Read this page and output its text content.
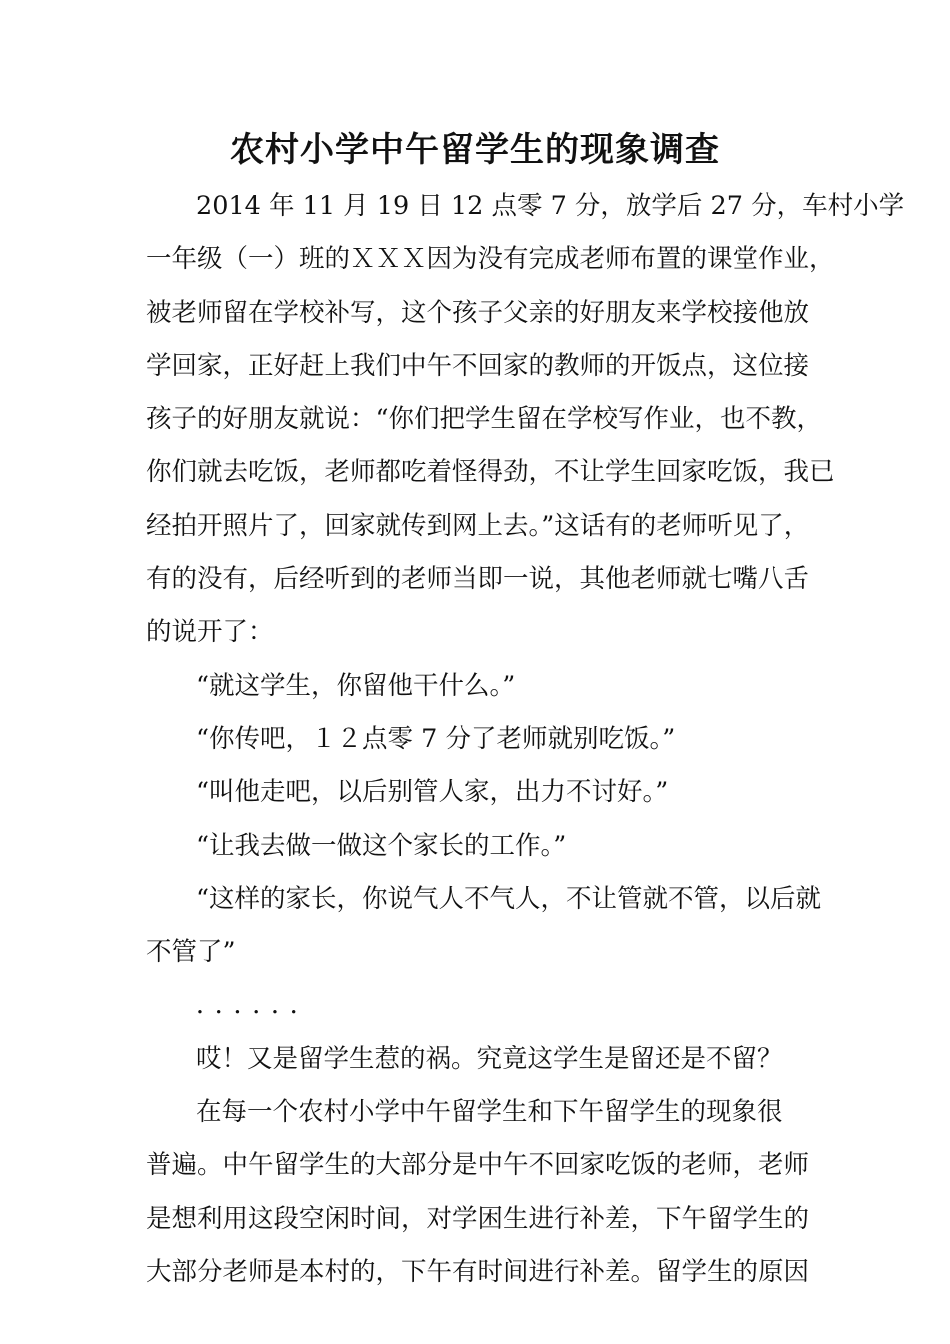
农村小学中午留学生的现象调查
2014 年 11 月 19 日 12 点零 7 分，放学后 27 分，车村小学
一年级（一）班的ＸＸＸ因为没有完成老师布置的课堂作业，
被老师留在学校补写，这个孩子父亲的好朋友来学校接他放
学回家，正好赶上我们中午不回家的教师的开饭点，这位接
孩子的好朋友就说：“你们把学生留在学校写作业，也不教，
你们就去吃饭，老师都吃着怪得劲，不让学生回家吃饭，我已
经拍开照片了，回家就传到网上去。”这话有的老师听见了，
有的没有，后经听到的老师当即一说，其他老师就七嘴八舌
的说开了：
“就这学生，你留他干什么。”
“你传吧，１２点零 7 分了老师就别吃饭。”
“叫他走吧，以后别管人家，出力不讨好。”
“让我去做一做这个家长的工作。”
“这样的家长，你说气人不气人，不让管就不管，以后就
不管了”
．．．．．．
哎！又是留学生惹的祸。究竟这学生是留还是不留？
在每一个农村小学中午留学生和下午留学生的现象很
普遍。中午留学生的大部分是中午不回家吃饭的老师，老师
是想利用这段空闲时间，对学困生进行补差，下午留学生的
大部分老师是本村的，下午有时间进行补差。留学生的原因
